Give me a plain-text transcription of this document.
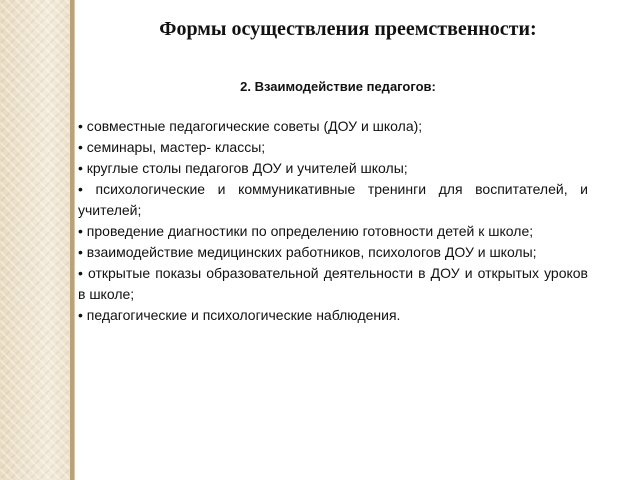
Формы осуществления преемственности:
2. Взаимодействие педагогов:
• совместные педагогические советы (ДОУ и школа);
• семинары, мастер- классы;
• круглые столы педагогов ДОУ и учителей школы;
• психологические и коммуникативные тренинги для воспитателей, и учителей;
• проведение диагностики по определению готовности детей к школе;
• взаимодействие медицинских работников, психологов ДОУ и школы;
• открытые показы образовательной деятельности в ДОУ и открытых уроков в школе;
• педагогические и психологические наблюдения.
